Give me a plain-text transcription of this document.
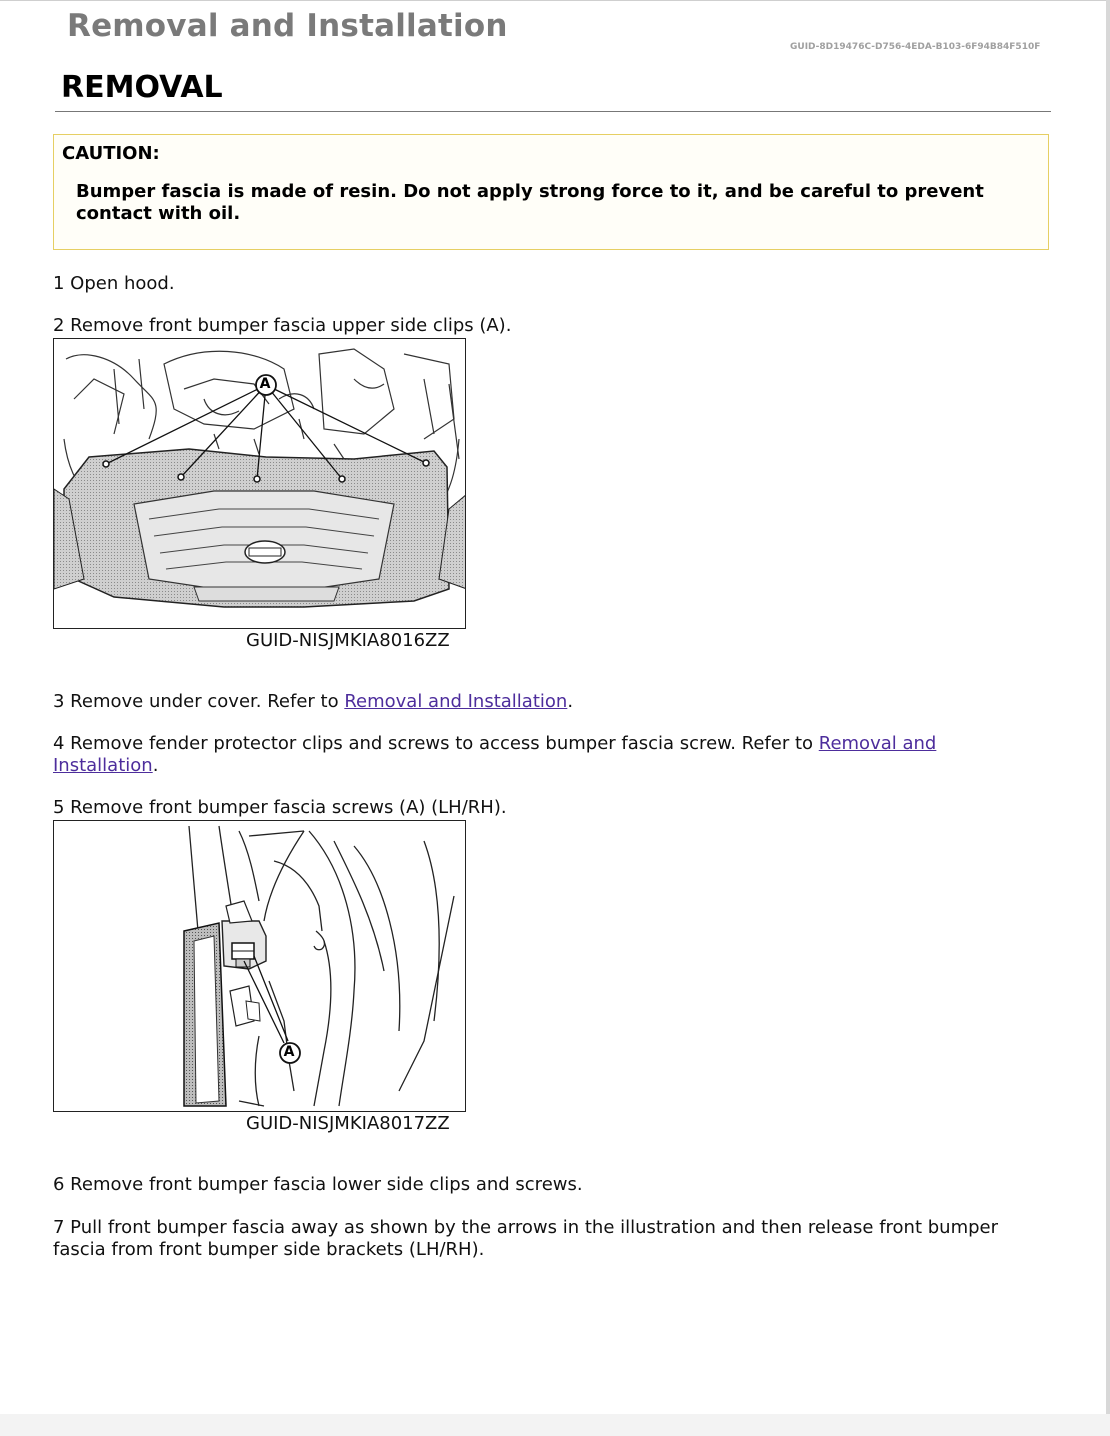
Removal and Installation
GUID-8D19476C-D756-4EDA-B103-6F94B84F510F
REMOVAL
CAUTION:
Bumper fascia is made of resin. Do not apply strong force to it, and be careful to prevent contact with oil.
1 Open hood.
2 Remove front bumper fascia upper side clips (A).
A
GUID-NISJMKIA8016ZZ
3 Remove under cover. Refer to Removal and Installation.
4 Remove fender protector clips and screws to access bumper fascia screw. Refer to Removal and Installation.
5 Remove front bumper fascia screws (A) (LH/RH).
A
GUID-NISJMKIA8017ZZ
6 Remove front bumper fascia lower side clips and screws.
7 Pull front bumper fascia away as shown by the arrows in the illustration and then release front bumper fascia from front bumper side brackets (LH/RH).
